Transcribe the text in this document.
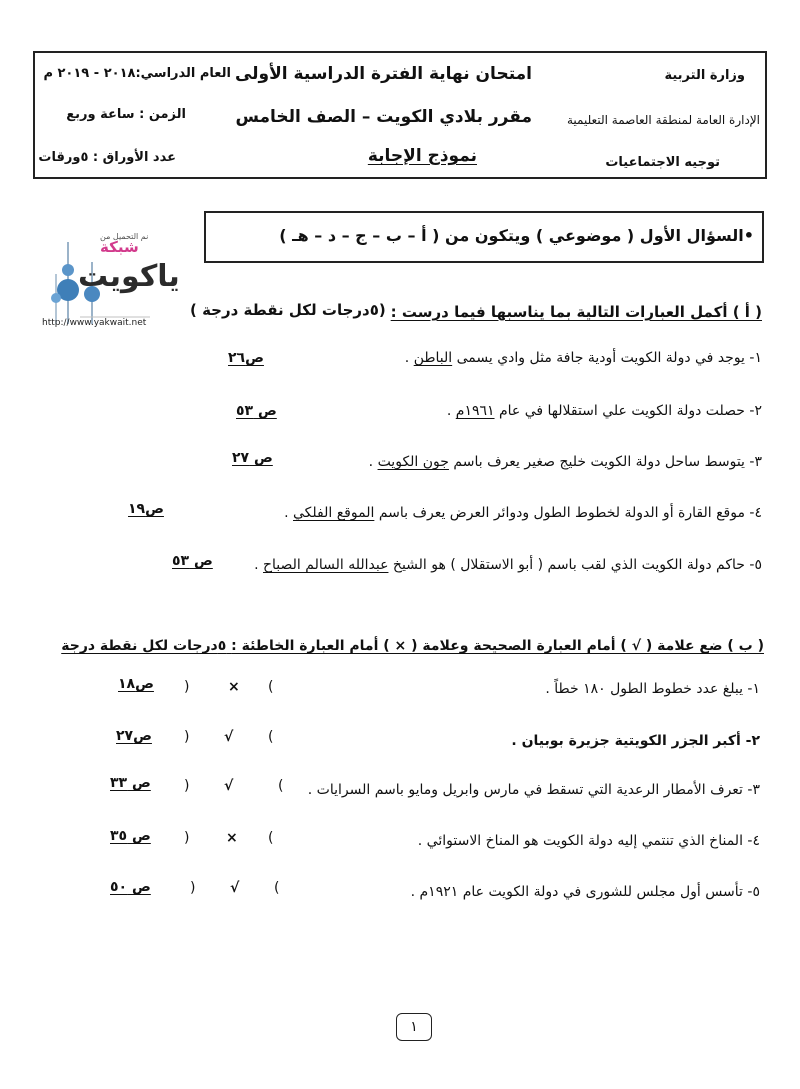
وزارة التربية
الإدارة العامة لمنطقة العاصمة التعليمية
توجيه الاجتماعيات
امتحان نهاية الفترة الدراسية الأولى
مقرر بلادي الكويت – الصف الخامس
نموذج الإجابة
العام الدراسي:٢٠١٨ - ٢٠١٩ م
الزمن : ساعة وربع
عدد الأوراق : ٥ورقات
•السؤال الأول ( موضوعي ) ويتكون من ( أ – ب – ج – د – هـ )
نم التحميل من
شبكة
ياكويت
http://www.yakwait.net
( أ ) أكمل العبارات التالية بما يناسبها فيما درست :
(٥درجات لكل نقطة درجة )
١- يوجد في دولة الكويت أودية جافة مثل وادي يسمى الباطن .
ص٢٦
٢- حصلت دولة الكويت علي استقلالها في عام ١٩٦١م .
ص ٥٣
٣- يتوسط ساحل دولة الكويت خليج صغير يعرف باسم جون الكويت .
ص ٢٧
٤- موقع القارة أو الدولة لخطوط الطول ودوائر العرض يعرف باسم الموقع الفلكي .
ص١٩
٥- حاكم دولة الكويت الذي لقب باسم ( أبو الاستقلال ) هو الشيخ عبدالله السالم الصباح .
ص ٥٣
( ب ) ضع علامة ( √ ) أمام العبارة الصحيحة وعلامة ( × ) أمام العبارة الخاطئة : ٥درجات لكل نقطة درجة
١- يبلغ عدد خطوط الطول ١٨٠ خطاً .
)	× (
ص١٨
٢- أكبر الجزر الكويتية جزيرة بوبيان .
) √ (
ص٢٧
٣- تعرف الأمطار الرعدية التي تسقط في مارس وابريل ومايو باسم السرايات .
) √	(
ص ٣٣
٤- المناخ الذي تنتمي إليه دولة الكويت هو المناخ الاستوائي .
)	× (
ص ٣٥
٥- تأسس أول مجلس للشورى في دولة الكويت عام ١٩٢١م .
) √ (
ص ٥٠
١
